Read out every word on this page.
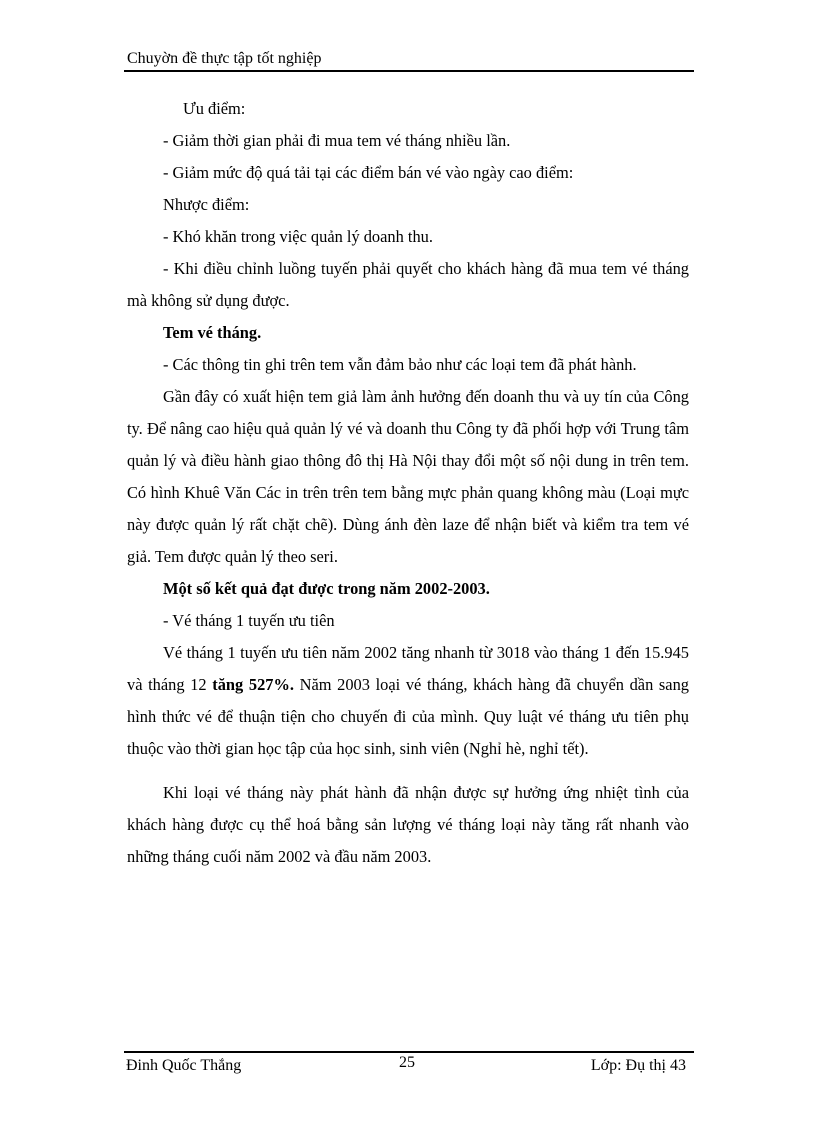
Chuyờn đề thực tập tốt nghiệp

Ưu điểm:

- Giảm thời gian phải đi mua tem vé tháng nhiều lần.

- Giảm mức độ quá tải tại các điểm bán vé vào ngày cao điểm:

Nhược điểm:

- Khó khăn trong việc quản lý doanh thu.

- Khi điều chỉnh luồng tuyến phải quyết cho khách hàng đã mua tem vé tháng mà không sử dụng được.

Tem vé tháng.

- Các thông tin ghi trên tem vẫn đảm bảo như các loại tem đã phát hành.

Gần đây có xuất hiện tem giả làm ảnh hưởng đến doanh thu và uy tín của Công ty. Để nâng cao hiệu quả quản lý vé và doanh thu Công ty đã phối hợp với Trung tâm quản lý và điều hành giao thông đô thị Hà Nội thay đổi một số nội dung in trên tem. Có hình Khuê Văn Các in trên trên tem bằng mực phản quang không màu (Loại mực này được quản lý rất chặt chẽ). Dùng ánh đèn laze để nhận biết và kiểm tra tem vé giả. Tem được quản lý theo seri.

Một số kết quả đạt được trong năm 2002-2003.

- Vé tháng 1 tuyến ưu tiên

Vé tháng 1 tuyến ưu tiên năm 2002 tăng nhanh từ 3018 vào tháng 1 đến 15.945 và tháng 12 tăng 527%. Năm 2003 loại vé tháng, khách hàng đã chuyển dần sang hình thức vé để thuận tiện cho chuyến đi của mình. Quy luật vé tháng ưu tiên phụ thuộc vào thời gian học tập của học sinh, sinh viên (Nghỉ hè, nghỉ tết).

Khi loại vé tháng này phát hành đã nhận được sự hưởng ứng nhiệt tình của khách hàng được cụ thể hoá bằng sản lượng vé tháng loại này tăng rất nhanh vào những tháng cuối năm 2002 và đầu năm 2003.

Đinh Quốc Thắng	25	Lớp: Đụ thị 43
